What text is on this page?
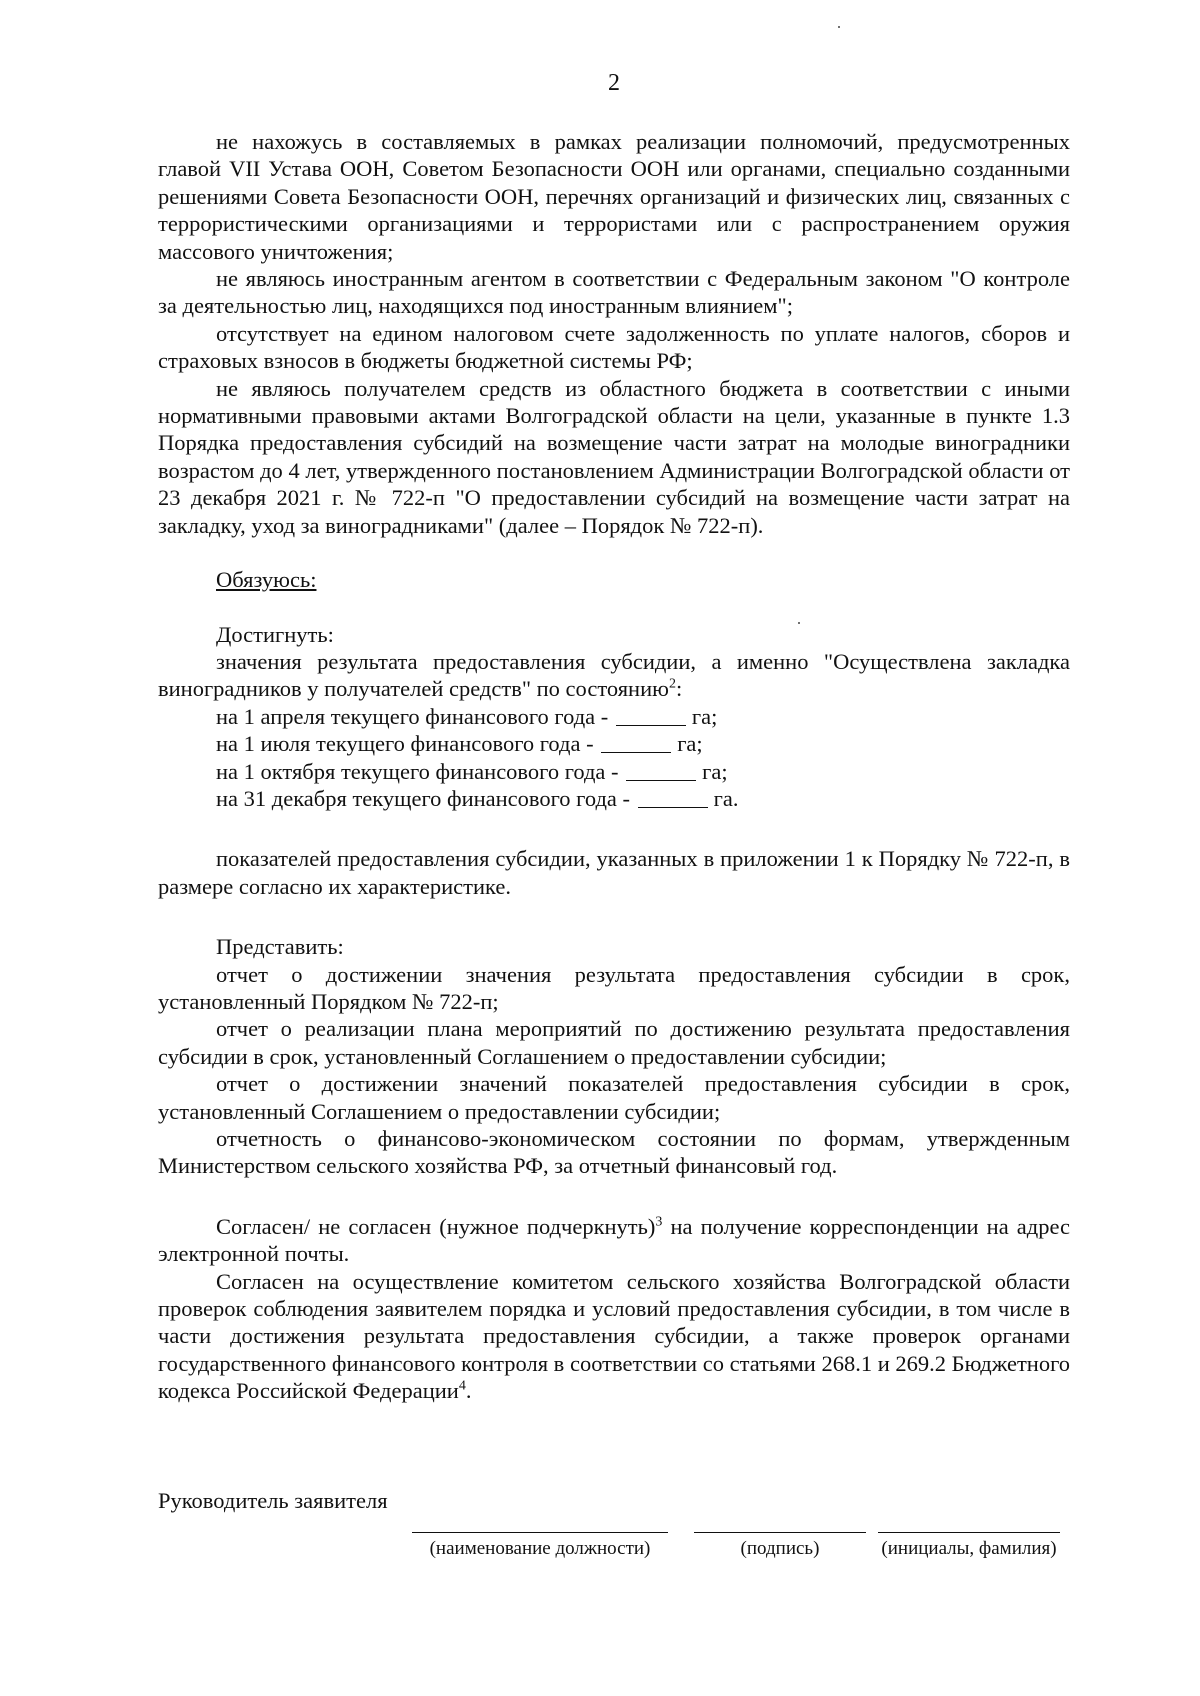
2

не нахожусь в составляемых в рамках реализации полномочий, предусмотренных главой VII Устава ООН, Советом Безопасности ООН или органами, специально созданными решениями Совета Безопасности ООН, перечнях организаций и физических лиц, связанных с террористическими организациями и террористами или с распространением оружия массового уничтожения;

не являюсь иностранным агентом в соответствии с Федеральным законом "О контроле за деятельностью лиц, находящихся под иностранным влиянием";

отсутствует на едином налоговом счете задолженность по уплате налогов, сборов и страховых взносов в бюджеты бюджетной системы РФ;

не являюсь получателем средств из областного бюджета в соответствии с иными нормативными правовыми актами Волгоградской области на цели, указанные в пункте 1.3 Порядка предоставления субсидий на возмещение части затрат на молодые виноградники возрастом до 4 лет, утвержденного постановлением Администрации Волгоградской области от 23 декабря 2021 г. № 722-п "О предоставлении субсидий на возмещение части затрат на закладку, уход за виноградниками" (далее – Порядок № 722-п).

Обязуюсь:

Достигнуть:

значения результата предоставления субсидии, а именно "Осуществлена закладка виноградников у получателей средств" по состоянию$^2$:

на 1 апреля текущего финансового года -	га;

на 1 июля текущего финансового года -	га;

на 1 октября текущего финансового года -	га;

на 31 декабря текущего финансового года -	га.

показателей предоставления субсидии, указанных в приложении 1 к Порядку № 722-п, в размере согласно их характеристике.

Представить:

отчет о достижении значения результата предоставления субсидии в срок, установленный Порядком № 722-п;

отчет о реализации плана мероприятий по достижению результата предоставления субсидии в срок, установленный Соглашением о предоставлении субсидии;

отчет о достижении значений показателей предоставления субсидии в срок, установленный Соглашением о предоставлении субсидии;

отчетность о финансово-экономическом состоянии по формам, утвержденным Министерством сельского хозяйства РФ, за отчетный финансовый год.

Согласен/ не согласен (нужное подчеркнуть)$^3$ на получение корреспонденции на адрес электронной почты.

Согласен на осуществление комитетом сельского хозяйства Волгоградской области проверок соблюдения заявителем порядка и условий предоставления субсидии, в том числе в части достижения результата предоставления субсидии, а также проверок органами государственного финансового контроля в соответствии со статьями 268.1 и 269.2 Бюджетного кодекса Российской Федерации$^4$.

Руководитель заявителя
(наименование должности)	(подпись)	(инициалы, фамилия)
